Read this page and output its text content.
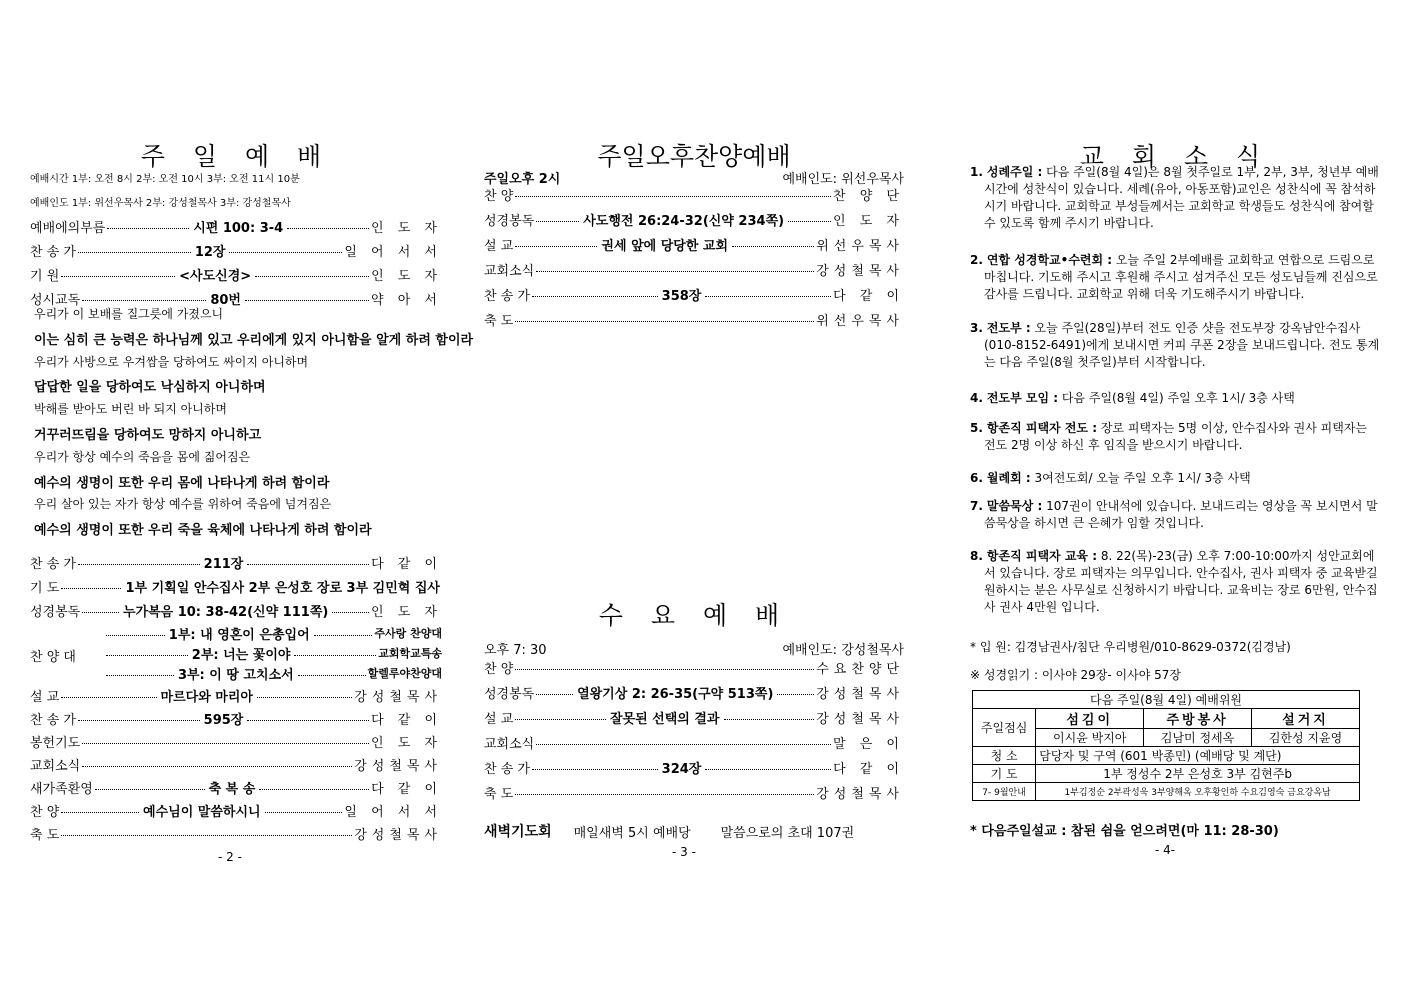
주 일 예 배
예배시간 1부: 오전 8시 2부: 오전 10시 3부: 오전 11시 10분
예배인도 1부: 위선우목사 2부: 강성철목사 3부: 강성철목사
예배에의부름	시편 100: 3-4	인 도 자
찬 송 가	12장	일 어 서 서
기 원	<사도신경>	인 도 자
성시교독	80번	약 아 서
우리가 이 보배를 질그릇에 가졌으니
이는 심히 큰 능력은 하나님께 있고 우리에게 있지 아니함을 알게 하려 함이라
우리가 사방으로 우겨쌈을 당하여도 싸이지 아니하며
답답한 일을 당하여도 낙심하지 아니하며
박해를 받아도 버린 바 되지 아니하며
거꾸러뜨림을 당하여도 망하지 아니하고
우리가 항상 예수의 죽음을 몸에 짊어짐은
예수의 생명이 또한 우리 몸에 나타나게 하려 함이라
우리 살아 있는 자가 항상 예수를 위하여 죽음에 넘겨짐은
예수의 생명이 또한 우리 죽을 육체에 나타나게 하려 함이라
찬 송 가	211장	다 같 이
기 도	1부 기획일 안수집사 2부 은성호 장로 3부 김민혁 집사
성경봉독	누가복음 10: 38-42(신약 111쪽)	인 도 자
찬 양 대
1부: 내 영혼이 은총입어	주사랑 찬양대
2부: 너는 꽃이야	교회학교특송
3부: 이 땅 고치소서	할렐루야찬양대
설 교	마르다와 마리아	강성철목사
찬 송 가	595장	다 같 이
봉헌기도	인 도 자
교회소식	강성철목사
새가족환영	축 복 송	다 같 이
찬 양	예수님이 말씀하시니	일 어 서 서
축 도	강성철목사
- 2 -
주일오후찬양예배
주일오후 2시	예배인도: 위선우목사
찬 양	찬 양 단
성경봉독	사도행전 26:24-32(신약 234쪽)	인 도 자
설 교	권세 앞에 당당한 교회	위선우목사
교회소식	강성철목사
찬 송 가	358장	다 같 이
축 도	위선우목사
수 요 예 배
오후 7: 30	예배인도: 강성철목사
찬 양	수요찬양단
성경봉독	열왕기상 2: 26-35(구약 513쪽)	강성철목사
설 교	잘못된 선택의 결과	강성철목사
교회소식	말 은 이
찬 송 가	324장	다 같 이
축 도	강성철목사
새벽기도회 매일새벽 5시 예배당 말씀으로의 초대 107권
- 3 -
교 회 소 식
1. 성례주일 : 다음 주일(8월 4일)은 8월 첫주일로 1부, 2부, 3부, 청년부 예배 시간에 성찬식이 있습니다. 세례(유아, 아동포함)교인은 성찬식에 꼭 참석하시기 바랍니다. 교회학교 부성들께서는 교회학교 학생들도 성찬식에 참여할 수 있도록 함께 주시기 바랍니다.
2. 연합 성경학교•수련회 : 오늘 주일 2부예배를 교회학교 연합으로 드림으로 마칩니다. 기도해 주시고 후원해 주시고 섬겨주신 모든 성도님들께 진심으로 감사를 드립니다. 교회학교 위해 더욱 기도해주시기 바랍니다.
3. 전도부 : 오늘 주일(28일)부터 전도 인증 샷을 전도부장 강옥남안수집사(010-8152-6491)에게 보내시면 커피 쿠폰 2장을 보내드립니다. 전도 통계는 다음 주일(8월 첫주일)부터 시작합니다.
4. 전도부 모임 : 다음 주일(8월 4일) 주일 오후 1시/ 3층 사택
5. 항존직 피택자 전도 : 장로 피택자는 5명 이상, 안수집사와 권사 피택자는 전도 2명 이상 하신 후 임직을 받으시기 바랍니다.
6. 월례회 : 3여전도회/ 오늘 주일 오후 1시/ 3층 사택
7. 말씀묵상 : 107권이 안내석에 있습니다. 보내드리는 영상을 꼭 보시면서 말씀묵상을 하시면 큰 은혜가 임할 것입니다.
8. 항존직 피택자 교육 : 8. 22(목)-23(금) 오후 7:00-10:00까지 성안교회에서 있습니다. 장로 피택자는 의무입니다. 안수집사, 권사 피택자 중 교육받길 원하시는 분은 사무실로 신청하시기 바랍니다. 교육비는 장로 6만원, 안수집사 권사 4만원 입니다.
* 입 원: 김경남권사/침단 우리병원/010-8629-0372(김경남)
※ 성경읽기 : 이사야 29장- 이사야 57장
다음 주일(8월 4일) 예배위원			
주일점심	섬김이	주방봉사	설거지
	이시윤 박지아	김남미 정세옥	김한성 지윤영
청 소	담당자 및 구역 (601 박종민) (예배당 및 계단)		
기 도	1부 정성수 2부 은성호 3부 김현주b		
7- 9월안내	1부김정순 2부곽성욱 3부양해옥 오후황인하 수요김영숙 금요강옥남		
* 다음주일설교 : 참된 쉼을 얻으려면(마 11: 28-30)
- 4-
